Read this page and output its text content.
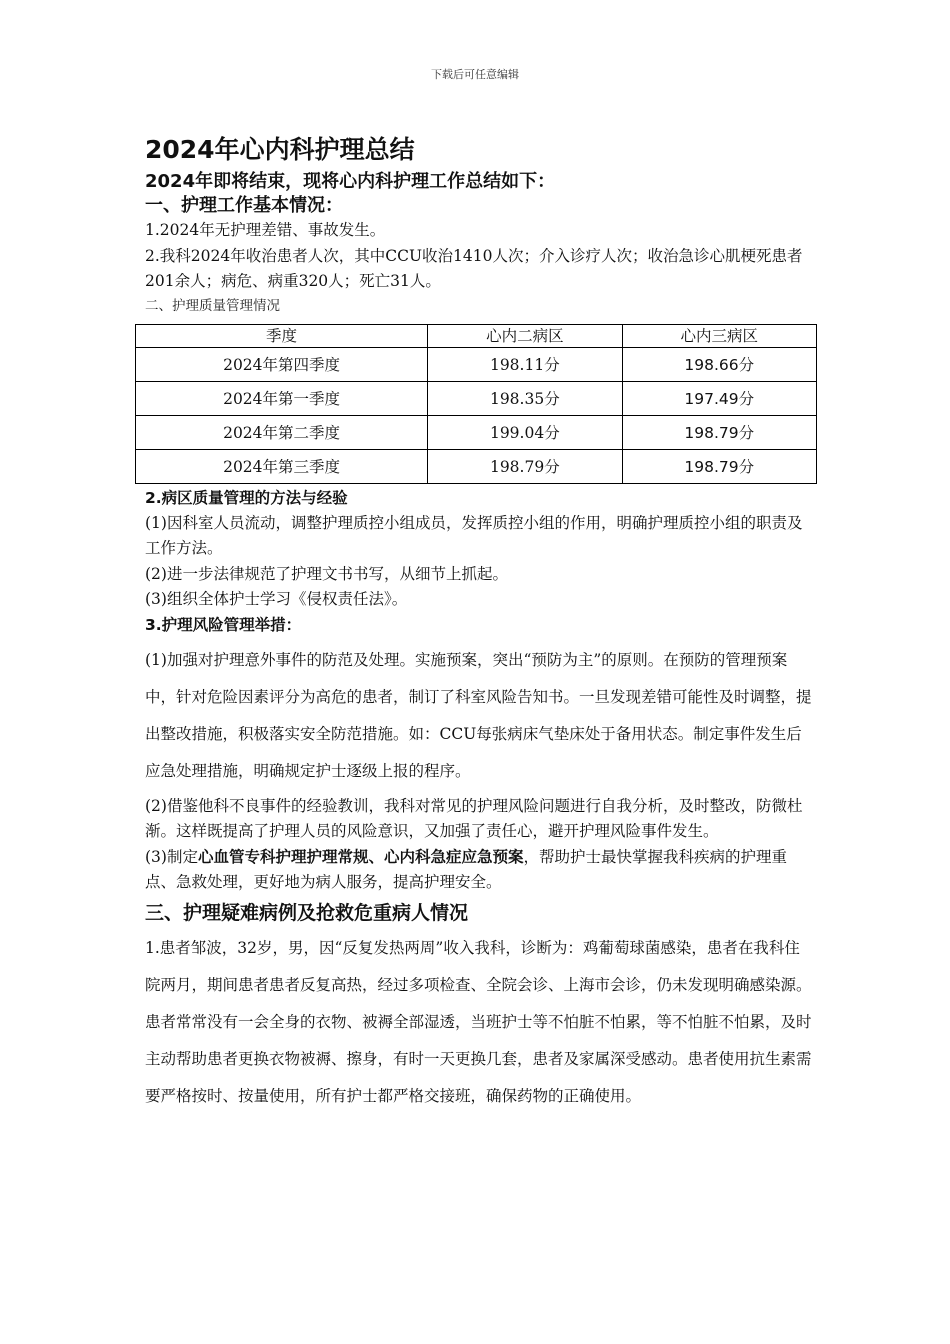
下载后可任意编辑
2024年心内科护理总结

2024年即将结束，现将心内科护理工作总结如下：

一、护理工作基本情况：

1.2024年无护理差错、事故发生。

2.我科2024年收治患者人次，其中CCU收治1410人次；介入诊疗人次；收治急诊心肌梗死患者201余人；病危、病重320人；死亡31人。

二、护理质量管理情况

季度	心内二病区	心内三病区
2024年第四季度	198.11分	198.66分
2024年第一季度	198.35分	197.49分
2024年第二季度	199.04分	198.79分
2024年第三季度	198.79分	198.79分

2.病区质量管理的方法与经验

(1)因科室人员流动，调整护理质控小组成员，发挥质控小组的作用，明确护理质控小组的职责及工作方法。

(2)进一步法律规范了护理文书书写，从细节上抓起。

(3)组织全体护士学习《侵权责任法》。

3.护理风险管理举措：

(1)加强对护理意外事件的防范及处理。实施预案，突出“预防为主”的原则。在预防的管理预案中，针对危险因素评分为高危的患者，制订了科室风险告知书。一旦发现差错可能性及时调整，提出整改措施，积极落实安全防范措施。如：CCU每张病床气垫床处于备用状态。制定事件发生后应急处理措施，明确规定护士逐级上报的程序。

(2)借鉴他科不良事件的经验教训，我科对常见的护理风险问题进行自我分析，及时整改，防微杜渐。这样既提高了护理人员的风险意识，又加强了责任心，避开护理风险事件发生。

(3)制定心血管专科护理护理常规、心内科急症应急预案，帮助护士最快掌握我科疾病的护理重点、急救处理，更好地为病人服务，提高护理安全。

三、护理疑难病例及抢救危重病人情况

1.患者邹波，32岁，男，因“反复发热两周”收入我科，诊断为：鸡葡萄球菌感染，患者在我科住院两月，期间患者患者反复高热，经过多项检查、全院会诊、上海市会诊，仍未发现明确感染源。患者常常没有一会全身的衣物、被褥全部湿透，当班护士等不怕脏不怕累，等不怕脏不怕累，及时主动帮助患者更换衣物被褥、擦身，有时一天更换几套，患者及家属深受感动。患者使用抗生素需要严格按时、按量使用，所有护士都严格交接班，确保药物的正确使用。
